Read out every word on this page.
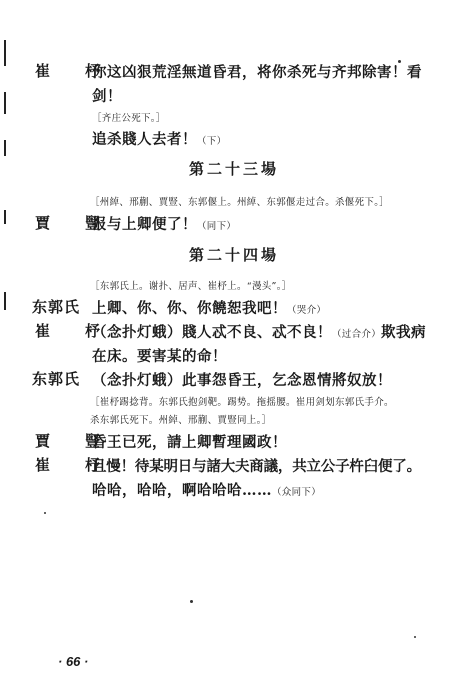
崔　杼
你这凶狠荒淫無道昏君，将你杀死与齐邦除害！看
剑！
［齐庄公死下。］
追杀賤人去者！（下）
第二十三場
［州綽、邢蒯、賈豎、东郭偃上。州綽、东郭偃走过合。杀偃死下。］
賈　豎
报与上卿便了！（同下）
第二十四場
［东郭氏上。谢扑、居声、崔杼上。“漫头”。］
东郭氏 上卿、你、你、你饒恕我吧！（哭介）
崔　杼
（念扑灯蛾）賤人忒不良、忒不良！（过合介）欺我病
在床。要害某的命！
东郭氏 （念扑灯蛾）此事怨昏王，乞念恩情將奴放！
［崔杼踢捻背。东郭氏抱剑靶。踢势。拖摇腰。崔用剑划东郭氏手介。
杀东郭氏死下。州綽、邢蒯、賈豎同上。］
賈　豎
昏王已死，請上卿暫理國政！
崔　杼
且慢！待某明日与諸大夫商議，共立公子杵臼便了。
哈哈，哈哈，啊哈哈哈……（众同下）
· 66 ·
